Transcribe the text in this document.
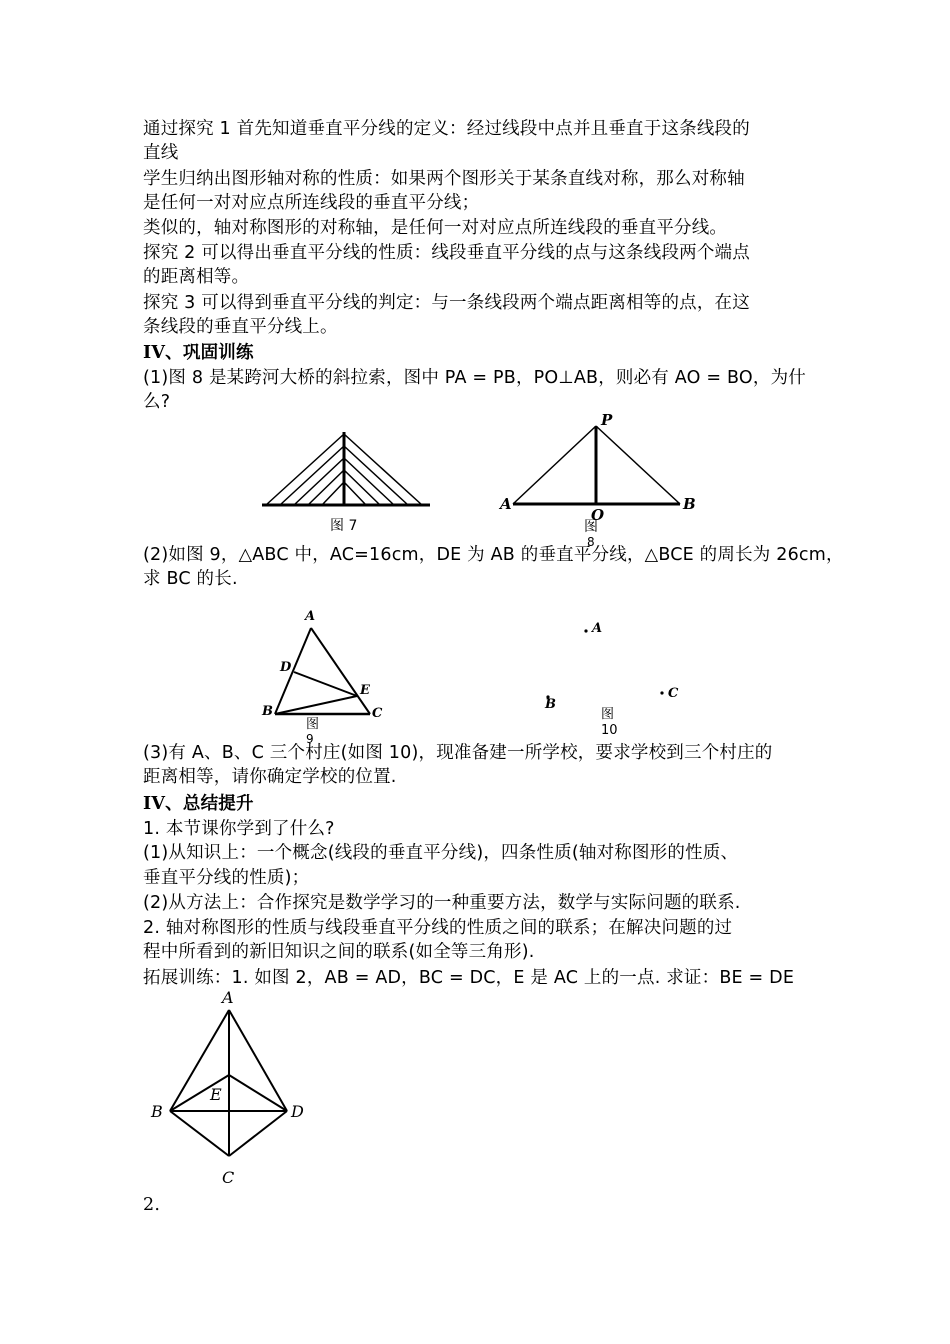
通过探究 1 首先知道垂直平分线的定义：经过线段中点并且垂直于这条线段的
直线
学生归纳出图形轴对称的性质：如果两个图形关于某条直线对称，那么对称轴
是任何一对对应点所连线段的垂直平分线；
类似的，轴对称图形的对称轴，是任何一对对应点所连线段的垂直平分线。
探究 2 可以得出垂直平分线的性质：线段垂直平分线的点与这条线段两个端点
的距离相等。
探究 3 可以得到垂直平分线的判定：与一条线段两个端点距离相等的点，在这
条线段的垂直平分线上。
IV、巩固训练
(1)图 8 是某跨河大桥的斜拉索，图中 PA = PB，PO⊥AB，则必有 AO = BO，为什
么?
图 7
P
A	B
O
图
8
(2)如图 9，△ABC 中，AC=16cm，DE 为 AB 的垂直平分线，△BCE 的周长为 26cm，
求 BC 的长.
A
D
E
B	C
图
9
A
B
C
图
10
(3)有 A、B、C 三个村庄(如图 10)，现准备建一所学校，要求学校到三个村庄的
距离相等，请你确定学校的位置.
IV、总结提升
1. 本节课你学到了什么?
(1)从知识上：一个概念(线段的垂直平分线)，四条性质(轴对称图形的性质、
垂直平分线的性质)；
(2)从方法上：合作探究是数学学习的一种重要方法，数学与实际问题的联系.
2. 轴对称图形的性质与线段垂直平分线的性质之间的联系；在解决问题的过
程中所看到的新旧知识之间的联系(如全等三角形).
拓展训练：1. 如图 2，AB = AD，BC = DC，E 是 AC 上的一点. 求证：BE = DE
A
B	D
E
C
2.
